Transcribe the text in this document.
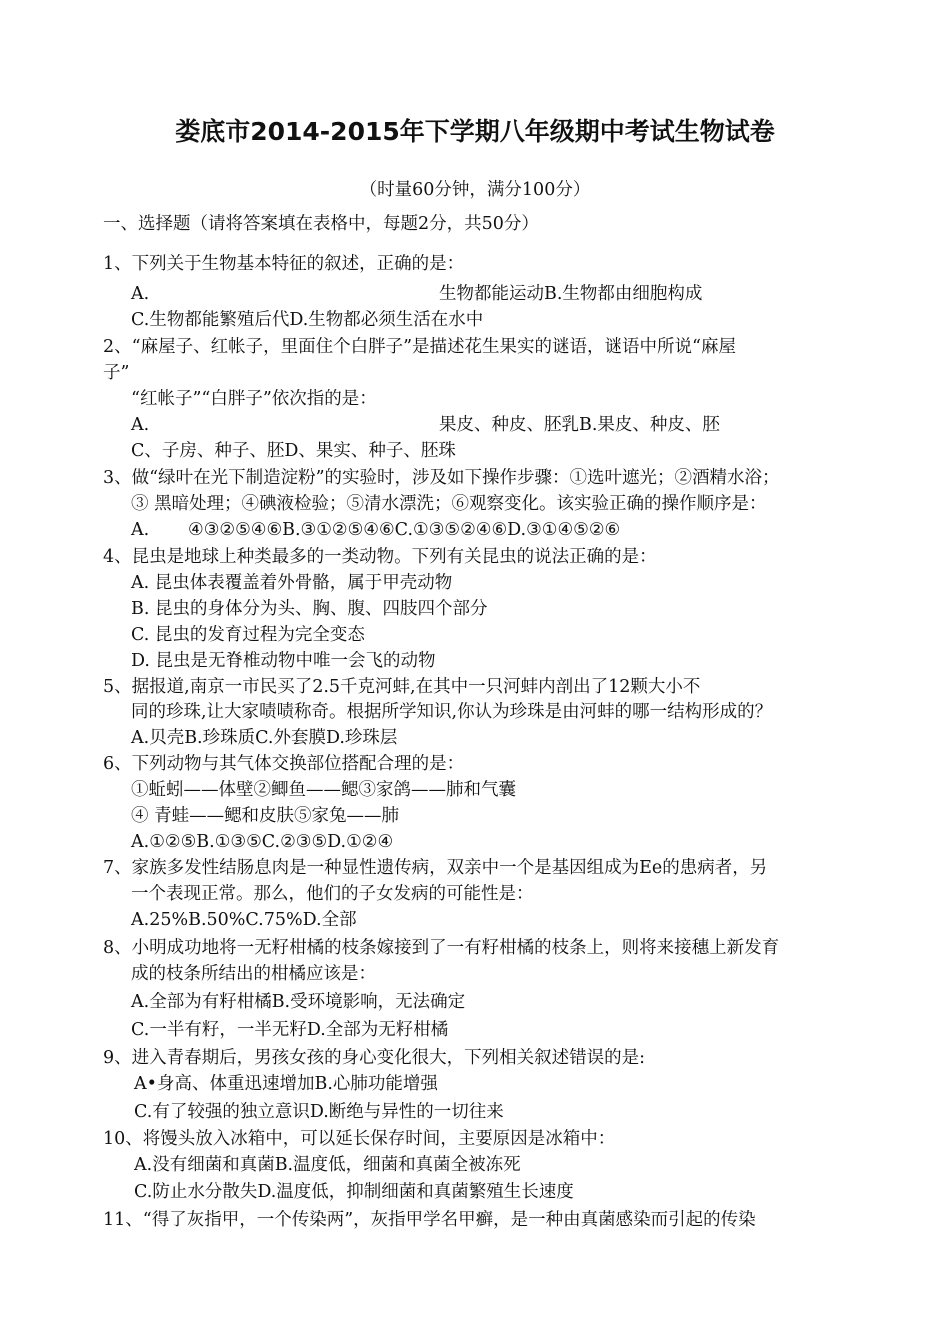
娄底市2014-2015年下学期八年级期中考试生物试卷
（时量60分钟，满分100分）
一、选择题（请将答案填在表格中，每题2分，共50分）
1、下列关于生物基本特征的叙述，正确的是：
A.	生物都能运动B.生物都由细胞构成
C.生物都能繁殖后代D.生物都必须生活在水中
2、“麻屋子、红帐子，里面住个白胖子”是描述花生果实的谜语，谜语中所说“麻屋
子”
“红帐子”“白胖子”依次指的是：
A.	果皮、种皮、胚乳B.果皮、种皮、胚
C、子房、种子、胚D、果实、种子、胚珠
3、做“绿叶在光下制造淀粉”的实验时，涉及如下操作步骤：①选叶遮光；②酒精水浴；
③ 黑暗处理；④碘液检验；⑤清水漂洗；⑥观察变化。该实验正确的操作顺序是：
A. ④③②⑤④⑥B.③①②⑤④⑥C.①③⑤②④⑥D.③①④⑤②⑥
4、昆虫是地球上种类最多的一类动物。下列有关昆虫的说法正确的是：
A. 昆虫体表覆盖着外骨骼，属于甲壳动物
B. 昆虫的身体分为头、胸、腹、四肢四个部分
C. 昆虫的发育过程为完全变态
D. 昆虫是无脊椎动物中唯一会飞的动物
5、据报道,南京一市民买了2.5千克河蚌,在其中一只河蚌内剖出了12颗大小不
同的珍珠,让大家啧啧称奇。根据所学知识,你认为珍珠是由河蚌的哪一结构形成的？
A.贝壳B.珍珠质C.外套膜D.珍珠层
6、下列动物与其气体交换部位搭配合理的是：
①蚯蚓——体壁②鲫鱼——鳃③家鸽——肺和气囊
④ 青蛙——鳃和皮肤⑤家兔——肺
A.①②⑤B.①③⑤C.②③⑤D.①②④
7、家族多发性结肠息肉是一种显性遗传病，双亲中一个是基因组成为Ee的患病者，另
一个表现正常。那么，他们的子女发病的可能性是：
A.25%B.50%C.75%D.全部
8、小明成功地将一无籽柑橘的枝条嫁接到了一有籽柑橘的枝条上，则将来接穗上新发育
成的枝条所结出的柑橘应该是：
A.全部为有籽柑橘B.受环境影响，无法确定
C.一半有籽，一半无籽D.全部为无籽柑橘
9、进入青春期后，男孩女孩的身心变化很大，下列相关叙述错误的是:
A•身高、体重迅速增加B.心肺功能增强
C.有了较强的独立意识D.断绝与异性的一切往来
10、将馒头放入冰箱中，可以延长保存时间，主要原因是冰箱中：
A.没有细菌和真菌B.温度低，细菌和真菌全被冻死
C.防止水分散失D.温度低，抑制细菌和真菌繁殖生长速度
11、“得了灰指甲，一个传染两”，灰指甲学名甲癣，是一种由真菌感染而引起的传染
